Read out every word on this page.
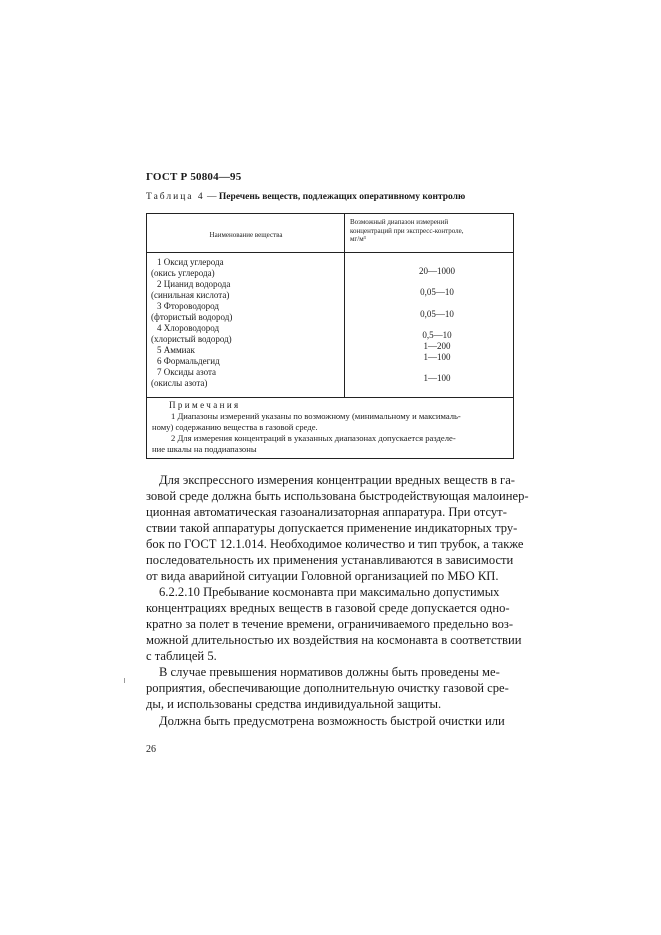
ГОСТ Р 50804—95
Таблица 4 — Перечень веществ, подлежащих оперативному контролю
Наименование вещества
Возможный диапазон измерений
концентраций при экспресс-контроле,
мг/м³
1 Оксид углерода
(окись углерода)
2 Цианид водорода
(синильная кислота)
3 Фтороводород
(фтористый водород)
4 Хлороводород
(хлористый водород)
5 Аммиак
6 Формальдегид
7 Оксиды азота
(окислы азота)
20—1000
0,05—10
0,05—10
0,5—10
1—200
1—100
1—100
Примечания
1 Диапазоны измерений указаны по возможному (минимальному и максималь-
ному) содержанию вещества в газовой среде.
2 Для измерения концентраций в указанных диапазонах допускается разделе-
ние шкалы на поддиапазоны
Для экспрессного измерения концентрации вредных веществ в га-
зовой среде должна быть использована быстродействующая малоинер-
ционная автоматическая газоанализаторная аппаратура. При отсут-
ствии такой аппаратуры допускается применение индикаторных тру-
бок по ГОСТ 12.1.014. Необходимое количество и тип трубок, а также
последовательность их применения устанавливаются в зависимости
от вида аварийной ситуации Головной организацией по МБО КП.
6.2.2.10 Пребывание космонавта при максимально допустимых
концентрациях вредных веществ в газовой среде допускается одно-
кратно за полет в течение времени, ограничиваемого предельно воз-
можной длительностью их воздействия на космонавта в соответствии
с таблицей 5.
В случае превышения нормативов должны быть проведены ме-
роприятия, обеспечивающие дополнительную очистку газовой сре-
ды, и использованы средства индивидуальной защиты.
Должна быть предусмотрена возможность быстрой очистки или
26
